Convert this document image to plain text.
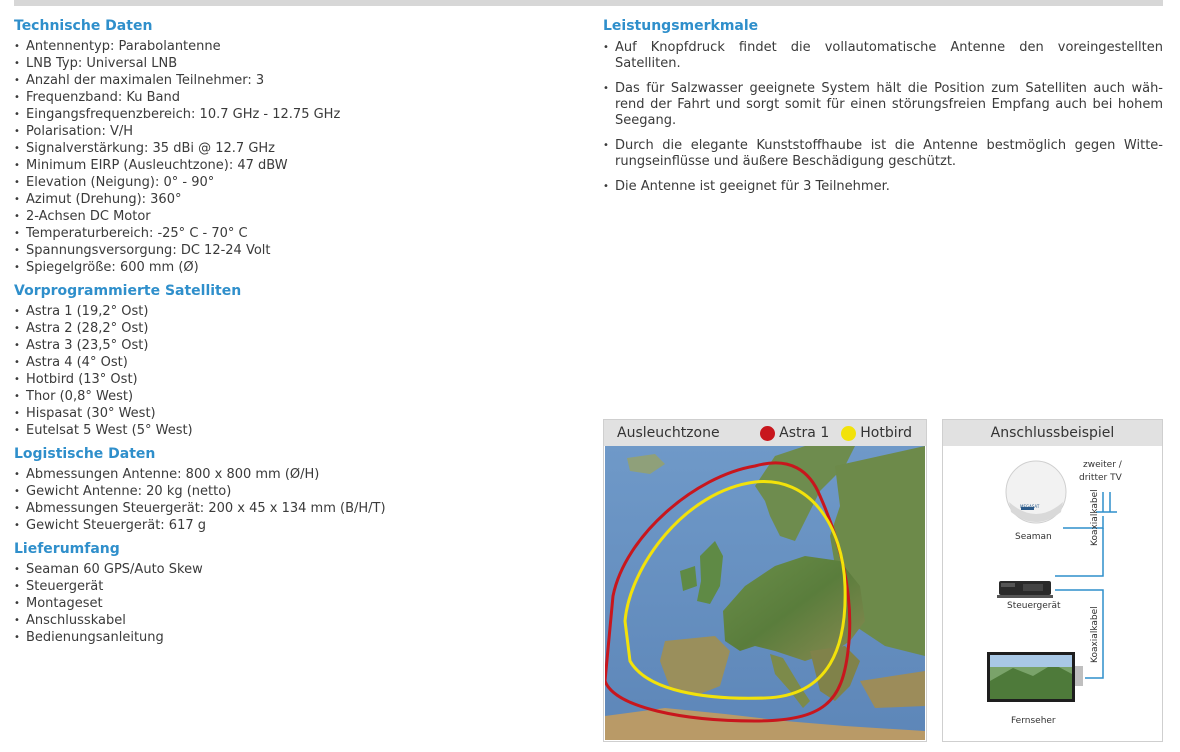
Technische Daten
• Antennentyp: Parabolantenne
• LNB Typ: Universal LNB
• Anzahl der maximalen Teilnehmer: 3
• Frequenzband: Ku Band
• Eingangsfrequenzbereich: 10.7 GHz - 12.75 GHz
• Polarisation: V/H
• Signalverstärkung: 35 dBi @ 12.7 GHz
• Minimum EIRP (Ausleuchtzone): 47 dBW
• Elevation (Neigung): 0° - 90°
• Azimut (Drehung): 360°
• 2-Achsen DC Motor
• Temperaturbereich: -25° C - 70° C
• Spannungsversorgung: DC 12-24 Volt
• Spiegelgröße: 600 mm (Ø)
Vorprogrammierte Satelliten
• Astra 1 (19,2° Ost)
• Astra 2 (28,2° Ost)
• Astra 3 (23,5° Ost)
• Astra 4 (4° Ost)
• Hotbird (13° Ost)
• Thor (0,8° West)
• Hispasat (30° West)
• Eutelsat 5 West (5° West)
Logistische Daten
• Abmessungen Antenne: 800 x 800 mm (Ø/H)
• Gewicht Antenne: 20 kg (netto)
• Abmessungen Steuergerät: 200 x 45 x 134 mm (B/H/T)
• Gewicht Steuergerät: 617 g
Lieferumfang
• Seaman 60 GPS/Auto Skew
• Steuergerät
• Montageset
• Anschlusskabel
• Bedienungsanleitung
Leistungsmerkmale
• Auf Knopfdruck findet die vollautomatische Antenne den voreingestellten Satelliten.
• Das für Salzwasser geeignete System hält die Position zum Satelliten auch wäh-rend der Fahrt und sorgt somit für einen störungsfreien Empfang auch bei hohem Seegang.
• Durch die elegante Kunststoffhaube ist die Antenne bestmöglich gegen Witte-rungseinflüsse und äußere Beschädigung geschützt.
• Die Antenne ist geeignet für 3 Teilnehmer.
Ausleuchtzone	Astra 1 Hotbird	Anschlussbeispiel
zweiter /
dritter TV
MEGASAT
Seaman
Steuergerät
Fernseher
Koaxialkabel
Koaxialkabel
